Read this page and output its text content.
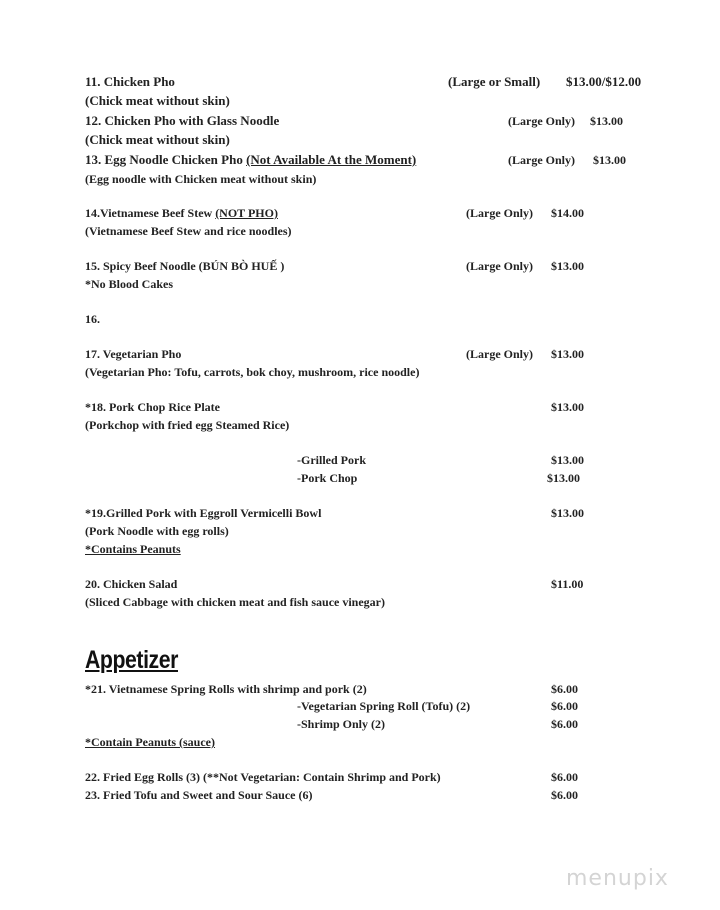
11. Chicken Pho	(Large or Small) $13.00/$12.00
(Chick meat without skin)
12. Chicken Pho with Glass Noodle	(Large Only) $13.00
(Chick meat without skin)
13. Egg Noodle Chicken Pho (Not Available At the Moment)	(Large Only) $13.00
(Egg noodle with Chicken meat without skin)
14.Vietnamese Beef Stew (NOT PHO)	(Large Only) $14.00
(Vietnamese Beef Stew and rice noodles)
15. Spicy Beef Noodle (BÚN BÒ HUẾ )	(Large Only) $13.00
*No Blood Cakes
16.
17. Vegetarian Pho	(Large Only) $13.00
(Vegetarian Pho: Tofu, carrots, bok choy, mushroom, rice noodle)
*18. Pork Chop Rice Plate	$13.00
(Porkchop with fried egg Steamed Rice)
-Grilled Pork	$13.00
-Pork Chop	$13.00
*19.Grilled Pork with Eggroll Vermicelli Bowl	$13.00
(Pork Noodle with egg rolls)
*Contains Peanuts
20. Chicken Salad	$11.00
(Sliced Cabbage with chicken meat and fish sauce vinegar)
Appetizer
*21. Vietnamese Spring Rolls with shrimp and pork (2)	$6.00
-Vegetarian Spring Roll (Tofu) (2)	$6.00
-Shrimp Only (2)	$6.00
*Contain Peanuts (sauce)
22. Fried Egg Rolls (3) (**Not Vegetarian: Contain Shrimp and Pork)	$6.00
23. Fried Tofu and Sweet and Sour Sauce (6)	$6.00
menupix
